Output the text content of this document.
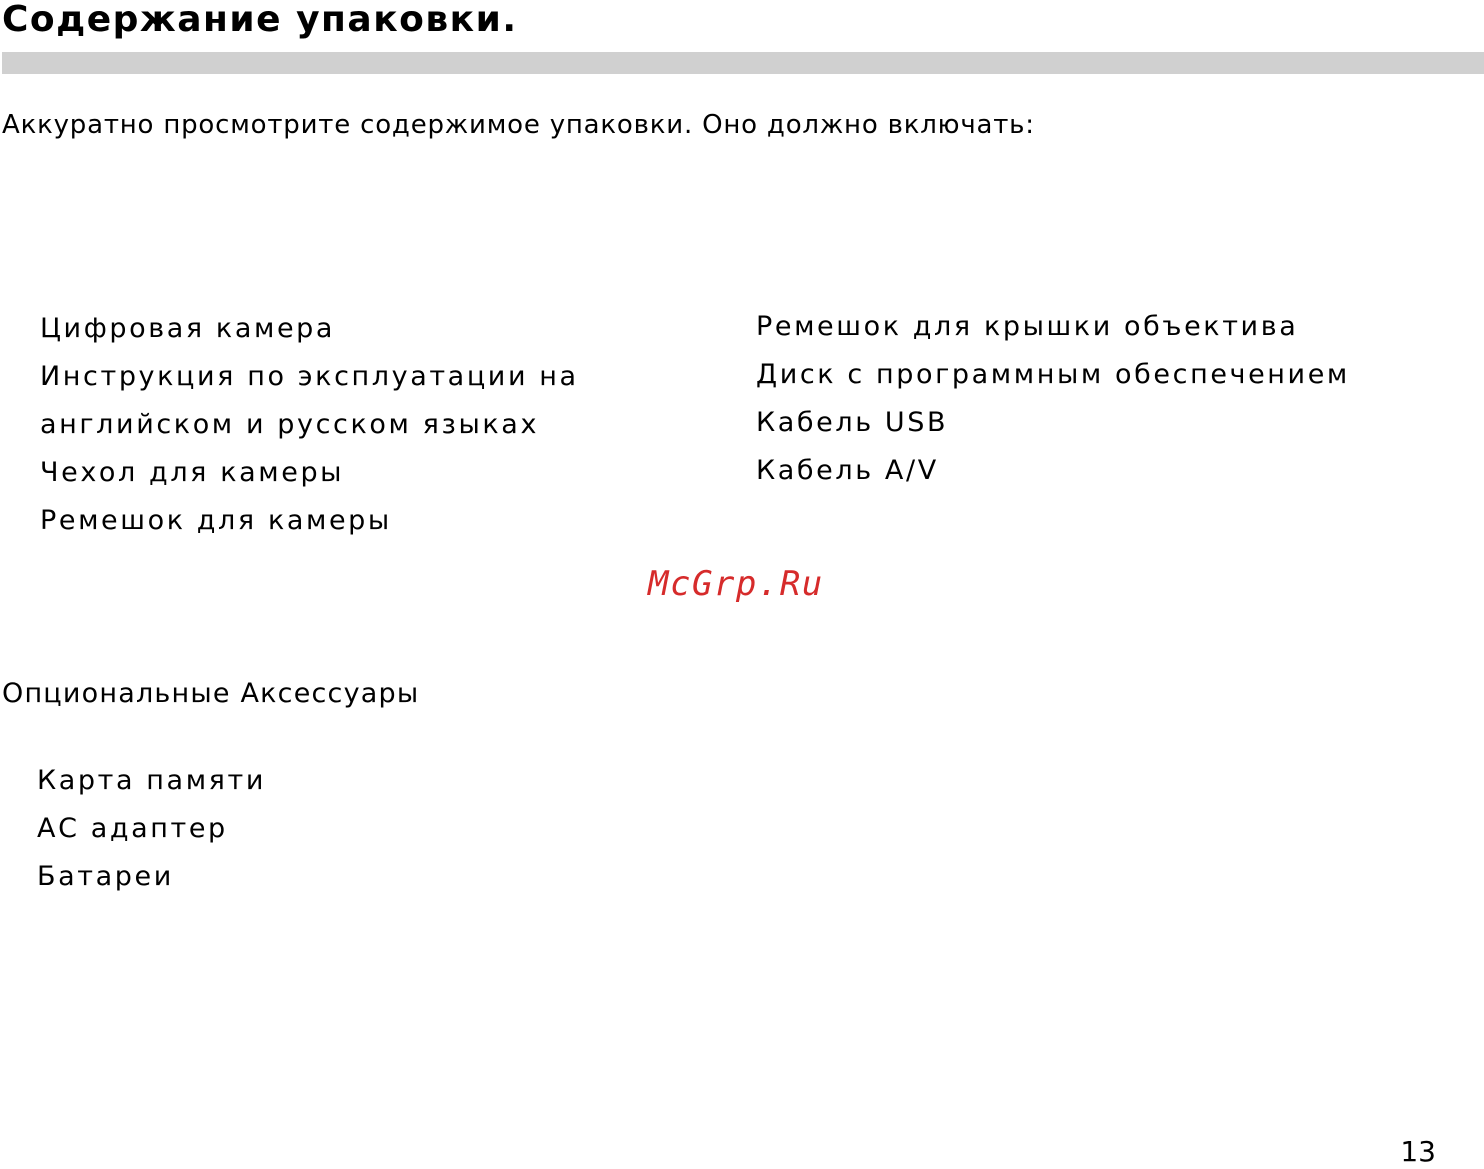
Содержание упаковки.
Аккуратно просмотрите содержимое упаковки. Оно должно включать:
Цифровая камера
Инструкция по эксплуатации на
английском и русском языках
Чехол для камеры
Ремешок для камеры
Ремешок для крышки объектива
Диск с программным обеспечением
Кабель USB
Кабель A/V
McGrp.Ru
Опциональные Аксессуары
Карта памяти
АС адаптер
Батареи
13
